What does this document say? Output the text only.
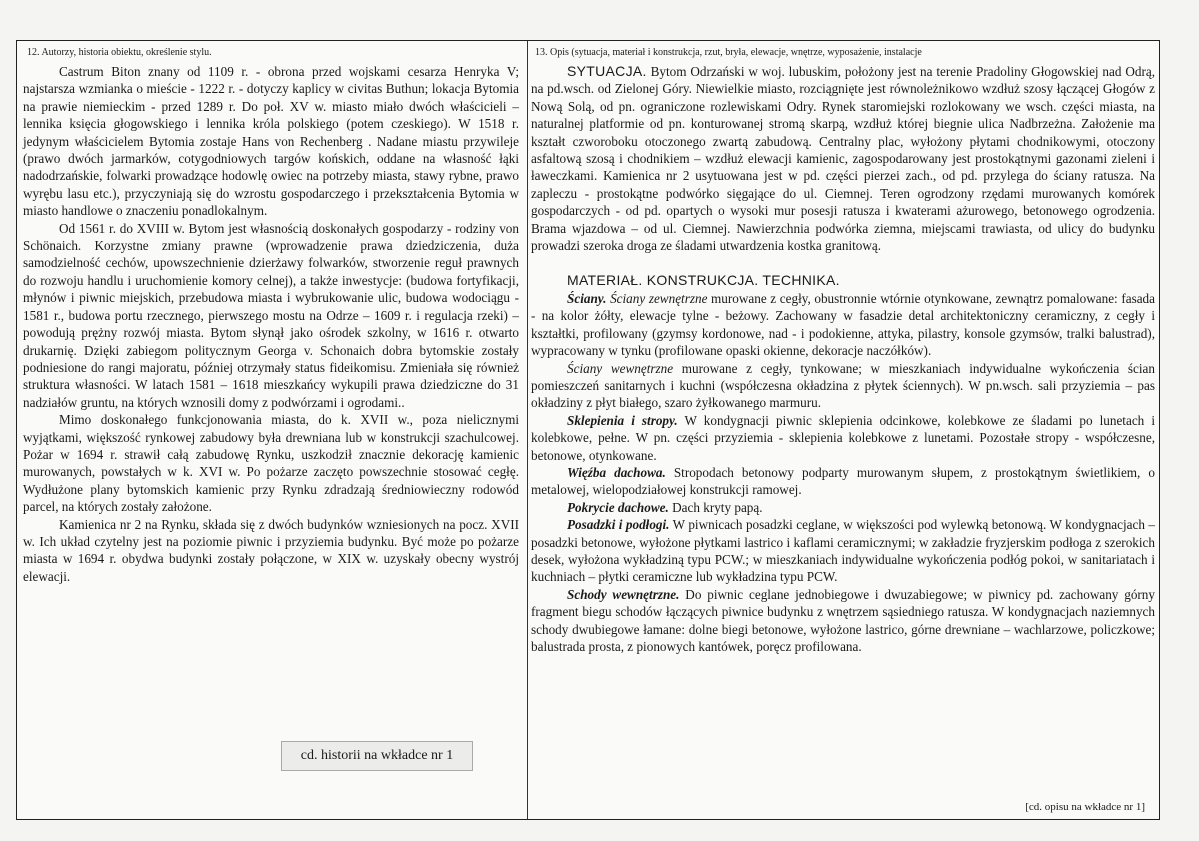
12. Autorzy, historia obiektu, określenie stylu.

Castrum Biton znany od 1109 r. - obrona przed wojskami cesarza Henryka V; najstarsza wzmianka o mieście - 1222 r. - dotyczy kaplicy w civitas Buthun; lokacja Bytomia na prawie niemieckim - przed 1289 r. Do poł. XV w. miasto miało dwóch właścicieli – lennika księcia głogowskiego i lennika króla polskiego (potem czeskiego). W 1518 r. jedynym właścicielem Bytomia zostaje Hans von Rechenberg . Nadane miastu przywileje (prawo dwóch jarmarków, cotygodniowych targów końskich, oddane na własność łąki nadodrzańskie, folwarki prowadzące hodowlę owiec na potrzeby miasta, stawy rybne, prawo wyrębu lasu etc.), przyczyniają się do wzrostu gospodarczego i przekształcenia Bytomia w miasto handlowe o znaczeniu ponadlokalnym.

Od 1561 r. do XVIII w. Bytom jest własnością doskonałych gospodarzy - rodziny von Schönaich. Korzystne zmiany prawne (wprowadzenie prawa dziedziczenia, duża samodzielność cechów, upowszechnienie dzierżawy folwarków, stworzenie reguł prawnych do rozwoju handlu i uruchomienie komory celnej), a także inwestycje: (budowa fortyfikacji, młynów i piwnic miejskich, przebudowa miasta i wybrukowanie ulic, budowa wodociągu - 1581 r., budowa portu rzecznego, pierwszego mostu na Odrze – 1609 r. i regulacja rzeki) – powodują prężny rozwój miasta. Bytom słynął jako ośrodek szkolny, w 1616 r. otwarto drukarnię. Dzięki zabiegom politycznym Georga v. Schonaich dobra bytomskie zostały podniesione do rangi majoratu, później otrzymały status fideikomisu. Zmieniała się również struktura własności. W latach 1581 – 1618 mieszkańcy wykupili prawa dziedziczne do 31 nadziałów gruntu, na których wznosili domy z podwórzami i ogrodami..

Mimo doskonałego funkcjonowania miasta, do k. XVII w., poza nielicznymi wyjątkami, większość rynkowej zabudowy była drewniana lub w konstrukcji szachulcowej. Pożar w 1694 r. strawił całą zabudowę Rynku, uszkodził znacznie dekorację kamienic murowanych, powstałych w k. XVI w. Po pożarze zaczęto powszechnie stosować cegłę. Wydłużone plany bytomskich kamienic przy Rynku zdradzają średniowieczny rodowód parcel, na których zostały założone.

Kamienica nr 2 na Rynku, składa się z dwóch budynków wzniesionych na pocz. XVII w. Ich układ czytelny jest na poziomie piwnic i przyziemia budynku. Być może po pożarze miasta w 1694 r. obydwa budynki zostały połączone, w XIX w. uzyskały obecny wystrój elewacji.

cd. historii na wkładce nr 1
13. Opis (sytuacja, materiał i konstrukcja, rzut, bryła, elewacje, wnętrze, wyposażenie, instalacje

SYTUACJA. Bytom Odrzański w woj. lubuskim, położony jest na terenie Pradoliny Głogowskiej nad Odrą, na pd.wsch. od Zielonej Góry. Niewielkie miasto, rozciągnięte jest równoleżnikowo wzdłuż szosy łączącej Głogów z Nową Solą, od pn. ograniczone rozlewiskami Odry. Rynek staromiejski rozlokowany we wsch. części miasta, na naturalnej platformie od pn. konturowanej stromą skarpą, wzdłuż której biegnie ulica Nadbrzeżna. Założenie ma kształt czworoboku otoczonego zwartą zabudową. Centralny plac, wyłożony płytami chodnikowymi, otoczony asfaltową szosą i chodnikiem – wzdłuż elewacji kamienic, zagospodarowany jest prostokątnymi gazonami zieleni i ławeczkami. Kamienica nr 2 usytuowana jest w pd. części pierzei zach., od pd. przylega do ściany ratusza. Na zapleczu - prostokątne podwórko sięgające do ul. Ciemnej. Teren ogrodzony rzędami murowanych komórek gospodarczych - od pd. opartych o wysoki mur posesji ratusza i kwaterami ażurowego, betonowego ogrodzenia. Brama wjazdowa – od ul. Ciemnej. Nawierzchnia podwórka ziemna, miejscami trawiasta, od ulicy do budynku prowadzi szeroka droga ze śladami utwardzenia kostka granitową.

MATERIAŁ. KONSTRUKCJA. TECHNIKA.

Ściany. Ściany zewnętrzne murowane z cegły, obustronnie wtórnie otynkowane, zewnątrz pomalowane: fasada - na kolor żółty, elewacje tylne - beżowy. Zachowany w fasadzie detal architektoniczny ceramiczny, z cegły i kształtki, profilowany (gzymsy kordonowe, nad - i podokienne, attyka, pilastry, konsole gzymsów, tralki balustrad), wypracowany w tynku (profilowane opaski okienne, dekoracje naczółków).

Ściany wewnętrzne murowane z cegły, tynkowane; w mieszkaniach indywidualne wykończenia ścian pomieszczeń sanitarnych i kuchni (współczesna okładzina z płytek ściennych). W pn.wsch. sali przyziemia – pas okładziny z płyt białego, szaro żyłkowanego marmuru.

Sklepienia i stropy. W kondygnacji piwnic sklepienia odcinkowe, kolebkowe ze śladami po lunetach i kolebkowe, pełne. W pn. części przyziemia - sklepienia kolebkowe z lunetami. Pozostałe stropy - współczesne, betonowe, otynkowane.

Więźba dachowa. Stropodach betonowy podparty murowanym słupem, z prostokątnym świetlikiem, o metalowej, wielopodziałowej konstrukcji ramowej.

Pokrycie dachowe. Dach kryty papą.

Posadzki i podłogi. W piwnicach posadzki ceglane, w większości pod wylewką betonową. W kondygnacjach – posadzki betonowe, wyłożone płytkami lastrico i kaflami ceramicznymi; w zakładzie fryzjerskim podłoga z szerokich desek, wyłożona wykładziną typu PCW.; w mieszkaniach indywidualne wykończenia podłóg pokoi, w sanitariatach i kuchniach – płytki ceramiczne lub wykładzina typu PCW.

Schody wewnętrzne. Do piwnic ceglane jednobiegowe i dwuzabiegowe; w piwnicy pd. zachowany górny fragment biegu schodów łączących piwnice budynku z wnętrzem sąsiedniego ratusza. W kondygnacjach naziemnych schody dwubiegowe łamane: dolne biegi betonowe, wyłożone lastrico, górne drewniane – wachlarzowe, policzkowe; balustrada prosta, z pionowych kantówek, poręcz profilowana.

[cd. opisu na wkładce nr 1]
